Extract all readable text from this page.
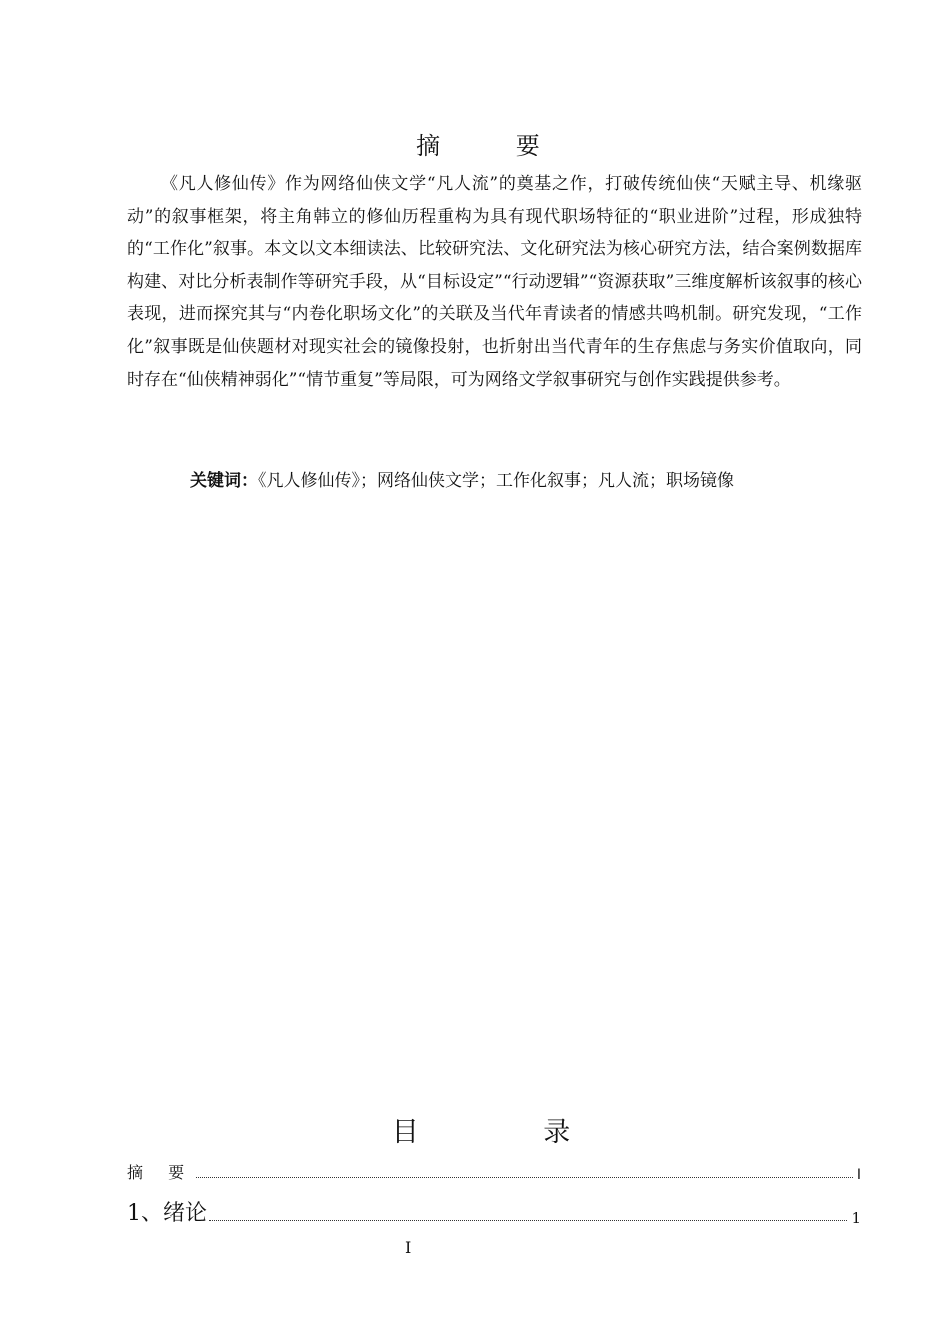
摘 要
《凡人修仙传》作为网络仙侠文学“凡人流”的奠基之作，打破传统仙侠“天赋主导、机缘驱动”的叙事框架，将主角韩立的修仙历程重构为具有现代职场特征的“职业进阶”过程，形成独特的“工作化”叙事。本文以文本细读法、比较研究法、文化研究法为核心研究方法，结合案例数据库构建、对比分析表制作等研究手段，从“目标设定”“行动逻辑”“资源获取”三维度解析该叙事的核心表现，进而探究其与“内卷化职场文化”的关联及当代年青读者的情感共鸣机制。研究发现，“工作化”叙事既是仙侠题材对现实社会的镜像投射，也折射出当代青年的生存焦虑与务实价值取向，同时存在“仙侠精神弱化”“情节重复”等局限，可为网络文学叙事研究与创作实践提供参考。
关键词：《凡人修仙传》；网络仙侠文学；工作化叙事；凡人流；职场镜像
目 录
摘 要	I
1、绪论	1
I
